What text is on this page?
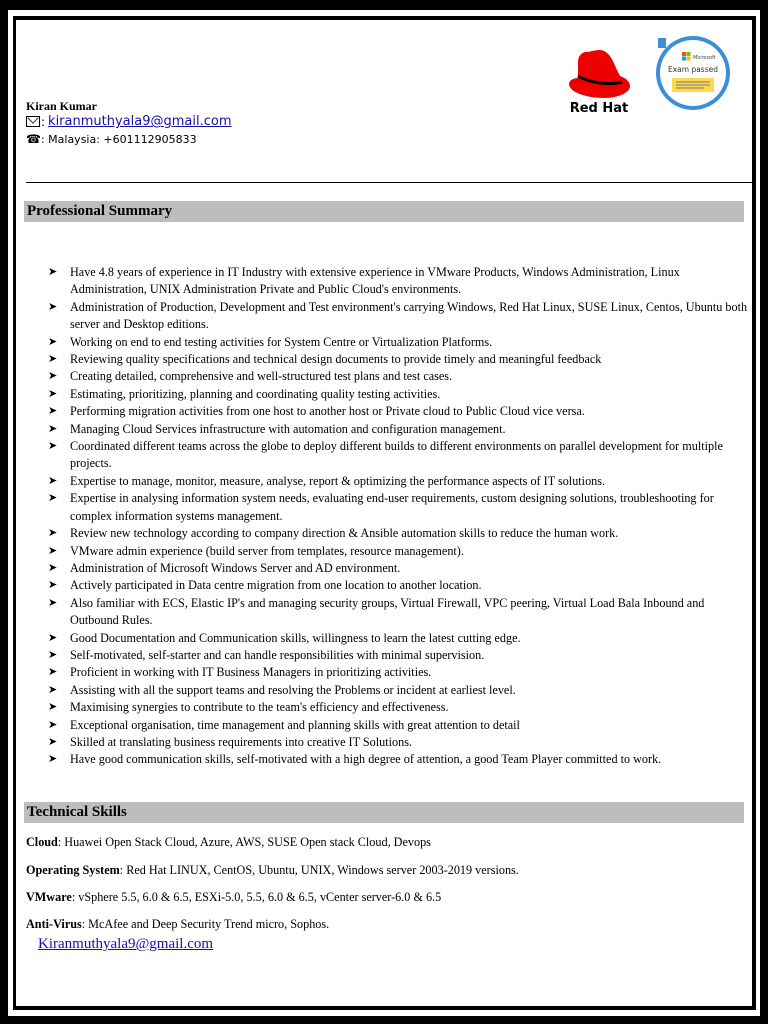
Kiran Kumar
: kiranmuthyala9@gmail.com
☎ : Malaysia: +601112905833
Red Hat
Microsoft
Exam passed
Professional Summary
➤ Have 4.8 years of experience in IT Industry with extensive experience in VMware Products, Windows Administration, Linux Administration, UNIX Administration Private and Public Cloud's environments.
➤ Administration of Production, Development and Test environment's carrying Windows, Red Hat Linux, SUSE Linux, Centos, Ubuntu both server and Desktop editions.
➤ Working on end to end testing activities for System Centre or Virtualization Platforms.
➤ Reviewing quality specifications and technical design documents to provide timely and meaningful feedback
➤ Creating detailed, comprehensive and well-structured test plans and test cases.
➤ Estimating, prioritizing, planning and coordinating quality testing activities.
➤ Performing migration activities from one host to another host or Private cloud to Public Cloud vice versa.
➤ Managing Cloud Services infrastructure with automation and configuration management.
➤ Coordinated different teams across the globe to deploy different builds to different environments on parallel development for multiple projects.
➤ Expertise to manage, monitor, measure, analyse, report & optimizing the performance aspects of IT solutions.
➤ Expertise in analysing information system needs, evaluating end-user requirements, custom designing solutions, troubleshooting for complex information systems management.
➤ Review new technology according to company direction & Ansible automation skills to reduce the human work.
➤ VMware admin experience (build server from templates, resource management).
➤ Administration of Microsoft Windows Server and AD environment.
➤ Actively participated in Data centre migration from one location to another location.
➤ Also familiar with ECS, Elastic IP's and managing security groups, Virtual Firewall, VPC peering, Virtual Load Bala Inbound and Outbound Rules.
➤ Good Documentation and Communication skills, willingness to learn the latest cutting edge.
➤ Self-motivated, self-starter and can handle responsibilities with minimal supervision.
➤ Proficient in working with IT Business Managers in prioritizing activities.
➤ Assisting with all the support teams and resolving the Problems or incident at earliest level.
➤ Maximising synergies to contribute to the team's efficiency and effectiveness.
➤ Exceptional organisation, time management and planning skills with great attention to detail
➤ Skilled at translating business requirements into creative IT Solutions.
➤ Have good communication skills, self-motivated with a high degree of attention, a good Team Player committed to work.
Technical Skills
Cloud: Huawei Open Stack Cloud, Azure, AWS, SUSE Open stack Cloud, Devops
Operating System: Red Hat LINUX, CentOS, Ubuntu, UNIX, Windows server 2003-2019 versions.
VMware: vSphere 5.5, 6.0 & 6.5, ESXi-5.0, 5.5, 6.0 & 6.5, vCenter server-6.0 & 6.5
Anti-Virus: McAfee and Deep Security Trend micro, Sophos.
Kiranmuthyala9@gmail.com
